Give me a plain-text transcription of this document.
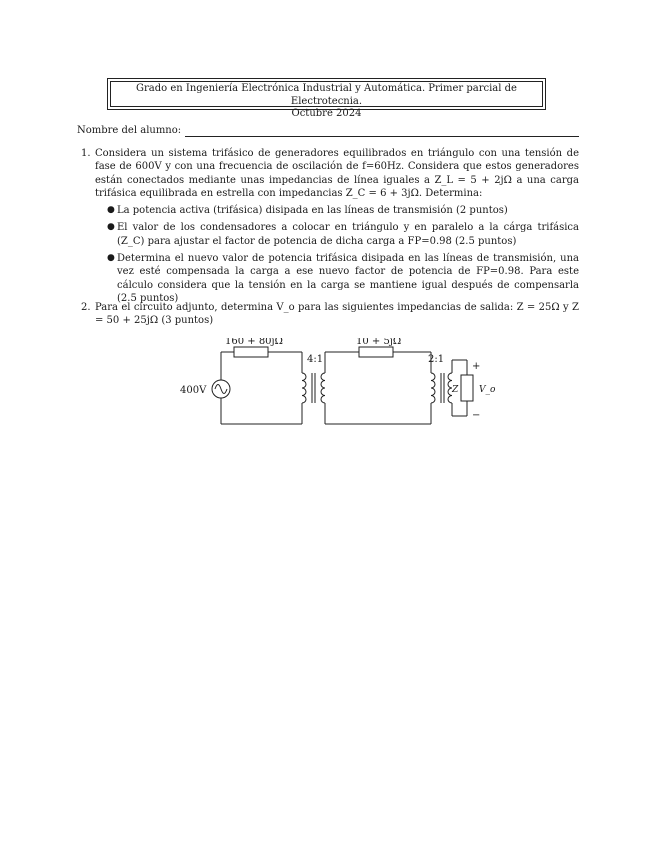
Grado en Ingeniería Electrónica Industrial y Automática. Primer parcial de Electrotecnia.
Octubre 2024
Nombre del alumno:
1. Considera un sistema trifásico de generadores equilibrados en triángulo con una tensión de fase de 600V y con una frecuencia de oscilación de f=60Hz. Considera que estos generadores están conectados mediante unas impedancias de línea iguales a Z_L = 5 + 2jΩ a una carga trifásica equilibrada en estrella con impedancias Z_C = 6 + 3jΩ. Determina:
● La potencia activa (trifásica) disipada en las líneas de transmisión (2 puntos)
● El valor de los condensadores a colocar en triángulo y en paralelo a la cárga trifásica (Z_C) para ajustar el factor de potencia de dicha carga a FP=0.98 (2.5 puntos)
● Determina el nuevo valor de potencia trifásica disipada en las líneas de transmisión, una vez esté compensada la carga a ese nuevo factor de potencia de FP=0.98. Para este cálculo considera que la tensión en la carga se mantiene igual después de compensarla (2.5 puntos)
2. Para el circuito adjunto, determina V_o para las siguientes impedancias de salida: Z = 25Ω y Z = 50 + 25jΩ (3 puntos)
400V
160 + 80jΩ
4:1
10 + 5jΩ
2:1
Z V_o
+
−
